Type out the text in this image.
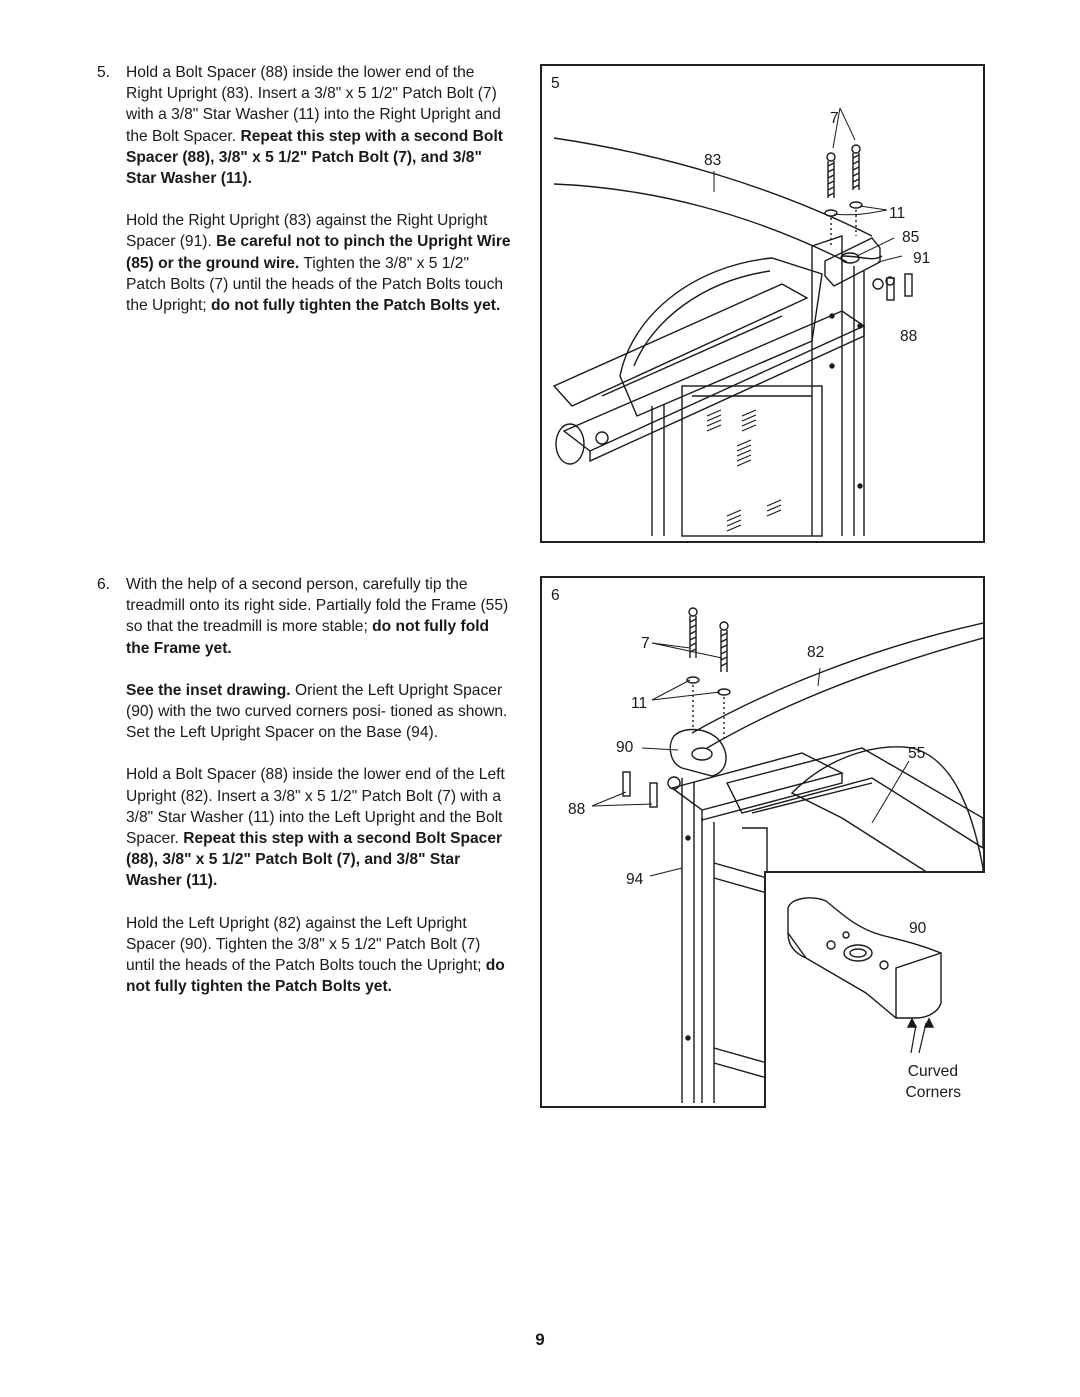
5. Hold a Bolt Spacer (88) inside the lower end of the Right Upright (83). Insert a 3/8" x 5 1/2" Patch Bolt (7) with a 3/8" Star Washer (11) into the Right Upright and the Bolt Spacer. Repeat this step with a second Bolt Spacer (88), 3/8" x 5 1/2" Patch Bolt (7), and 3/8" Star Washer (11).

Hold the Right Upright (83) against the Right Upright Spacer (91). Be careful not to pinch the Upright Wire (85) or the ground wire. Tighten the 3/8" x 5 1/2" Patch Bolts (7) until the heads of the Patch Bolts touch the Upright; do not fully tighten the Patch Bolts yet.

6. With the help of a second person, carefully tip the treadmill onto its right side. Partially fold the Frame (55) so that the treadmill is more stable; do not fully fold the Frame yet.

See the inset drawing. Orient the Left Upright Spacer (90) with the two curved corners posi- tioned as shown. Set the Left Upright Spacer on the Base (94).

Hold a Bolt Spacer (88) inside the lower end of the Left Upright (82). Insert a 3/8" x 5 1/2" Patch Bolt (7) with a 3/8" Star Washer (11) into the Left Upright and the Bolt Spacer. Repeat this step with a second Bolt Spacer (88), 3/8" x 5 1/2" Patch Bolt (7), and 3/8" Star Washer (11).

Hold the Left Upright (82) against the Left Upright Spacer (90). Tighten the 3/8" x 5 1/2" Patch Bolt (7) until the heads of the Patch Bolts touch the Upright; do not fully tighten the Patch Bolts yet.

5
7
83
11
85
91
88
6
7
82
11
90	55
88
94
90
Curved
Corners
9
